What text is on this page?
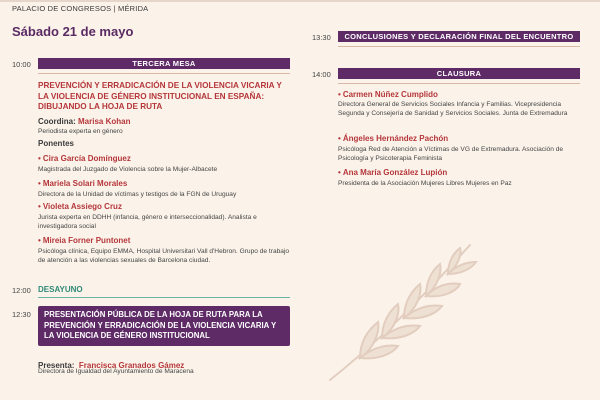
PALACIO DE CONGRESOS | MÉRIDA
Sábado 21 de mayo
10:00	TERCERA MESA
PREVENCIÓN Y ERRADICACIÓN DE LA VIOLENCIA VICARIA Y LA VIOLENCIA DE GÉNERO INSTITUCIONAL EN ESPAÑA: DIBUJANDO LA HOJA DE RUTA
Coordina: Marisa Kohan
Periodista experta en género
Ponentes
• Cira García Domínguez
Magistrada del Juzgado de Violencia sobre la Mujer-Albacete
• Mariela Solari Morales
Directora de la Unidad de víctimas y testigos de la FGN de Uruguay
• Violeta Assiego Cruz
Jurista experta en DDHH (infancia, género e interseccionalidad). Analista e investigadora social
• Mireia Forner Puntonet
Psicóloga clínica, Equipo EMMA, Hospital Universitari Vall d'Hebron. Grupo de trabajo de atención a las violencias sexuales de Barcelona ciudad.
12:00 DESAYUNO
12:30	PRESENTACIÓN PÚBLICA DE LA HOJA DE RUTA PARA LA PREVENCIÓN Y ERRADICACIÓN DE LA VIOLENCIA VICARIA Y LA VIOLENCIA DE GÉNERO INSTITUCIONAL
Presenta: Francisca Granados Gámez
Directora de Igualdad del Ayuntamiento de Maracena
13:30	CONCLUSIONES Y DECLARACIÓN FINAL DEL ENCUENTRO
14:00	CLAUSURA
• Carmen Núñez Cumplido
Directora General de Servicios Sociales Infancia y Familias. Vicepresidencia Segunda y Consejería de Sanidad y Servicios Sociales. Junta de Extremadura
• Ángeles Hernández Pachón
Psicóloga Red de Atención a Víctimas de VG de Extremadura. Asociación de Psicología y Psicoterapia Feminista
• Ana María González Lupión
Presidenta de la Asociación Mujeres Libres Mujeres en Paz
